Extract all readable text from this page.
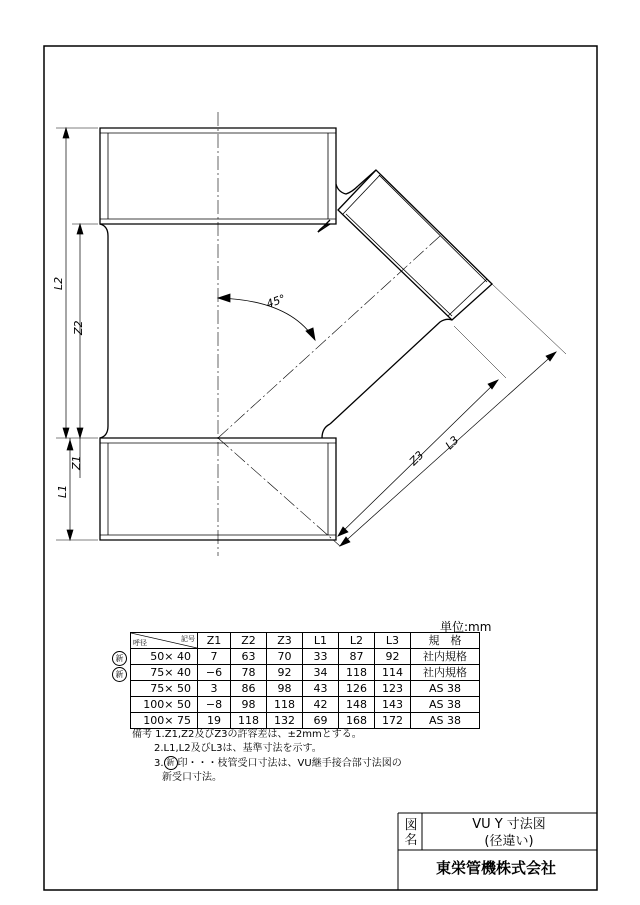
L2
Z2
Z1
L1
45°
Z3
L3
単位:mm
新
新
記号
呼径	Z1	Z2	Z3	L1	L2	L3	規　格
50× 40	7	63	70	33	87	92	社内規格
75× 40	−6	78	92	34	118	114	社内規格
75× 50	3	86	98	43	126	123	AS 38
100× 50	−8	98	118	42	148	143	AS 38
100× 75	19	118	132	69	168	172	AS 38
備考 1.Z1,Z2及びZ3の許容差は、±2mmとする。
2.L1,L2及びL3は、基準寸法を示す。
3. 新 印・・・枝管受口寸法は、VU継手接合部寸法図の
新受口寸法。
図名
VU Y 寸法図
(径違い)
東栄管機株式会社
